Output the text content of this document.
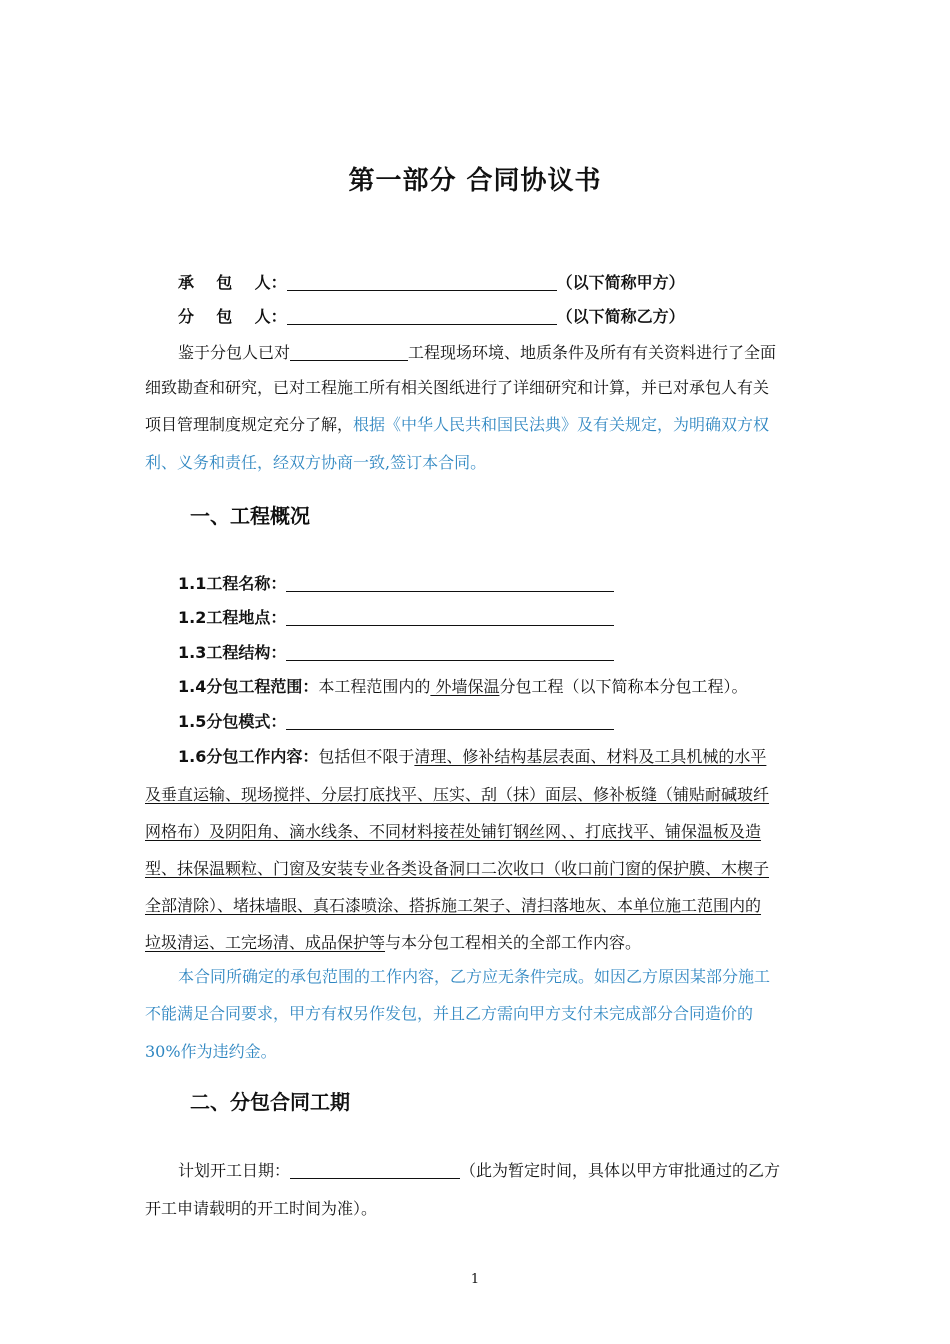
第一部分 合同协议书
承    包    人：	（以下简称甲方）
分    包    人：	（以下简称乙方）
鉴于分包人已对	工程现场环境、地质条件及所有有关资料进行了全面
细致勘查和研究，已对工程施工所有相关图纸进行了详细研究和计算，并已对承包人有关
项目管理制度规定充分了解，根据《中华人民共和国民法典》及有关规定，为明确双方权
利、义务和责任，经双方协商一致,签订本合同。
一、工程概况
1.1工程名称：
1.2工程地点：
1.3工程结构：
1.4分包工程范围：本工程范围内的 外墙保温分包工程（以下简称本分包工程）。
1.5分包模式：
1.6分包工作内容：包括但不限于清理、修补结构基层表面、材料及工具机械的水平
及垂直运输、现场搅拌、分层打底找平、压实、刮（抹）面层、修补板缝（铺贴耐碱玻纤
网格布）及阴阳角、滴水线条、不同材料接茬处铺钉钢丝网、、打底找平、铺保温板及造
型、抹保温颗粒、门窗及安装专业各类设备洞口二次收口（收口前门窗的保护膜、木楔子
全部清除）、堵抹墙眼、真石漆喷涂、搭拆施工架子、清扫落地灰、本单位施工范围内的
垃圾清运、工完场清、成品保护等与本分包工程相关的全部工作内容。
本合同所确定的承包范围的工作内容，乙方应无条件完成。如因乙方原因某部分施工
不能满足合同要求，甲方有权另作发包，并且乙方需向甲方支付未完成部分合同造价的
30%作为违约金。
二、分包合同工期
计划开工日期：	（此为暂定时间，具体以甲方审批通过的乙方
开工申请载明的开工时间为准）。
1
